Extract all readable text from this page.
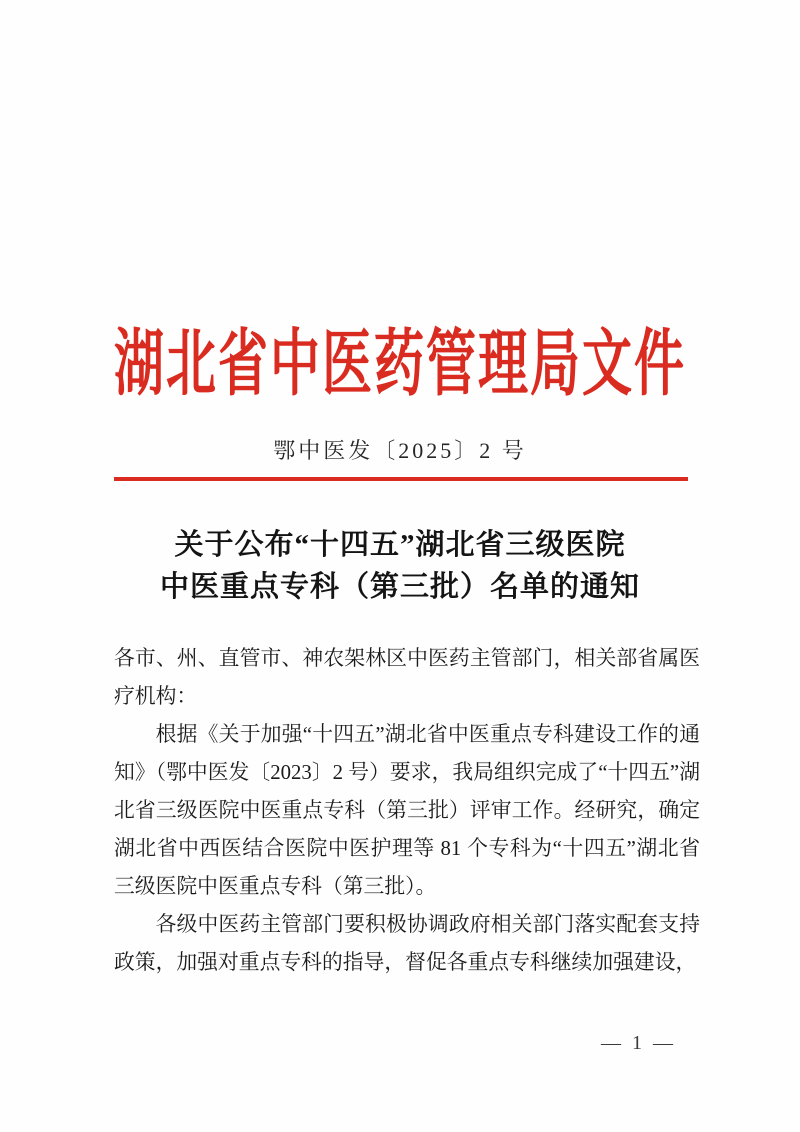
湖北省中医药管理局文件
鄂中医发〔2025〕2 号
关于公布“十四五”湖北省三级医院
中医重点专科（第三批）名单的通知

各市、州、直管市、神农架林区中医药主管部门，相关部省属医疗机构：

根据《关于加强“十四五”湖北省中医重点专科建设工作的通知》（鄂中医发〔2023〕2 号）要求，我局组织完成了“十四五”湖北省三级医院中医重点专科（第三批）评审工作。经研究，确定湖北省中西医结合医院中医护理等 81 个专科为“十四五”湖北省三级医院中医重点专科（第三批）。

各级中医药主管部门要积极协调政府相关部门落实配套支持政策，加强对重点专科的指导，督促各重点专科继续加强建设，

— 1 —
